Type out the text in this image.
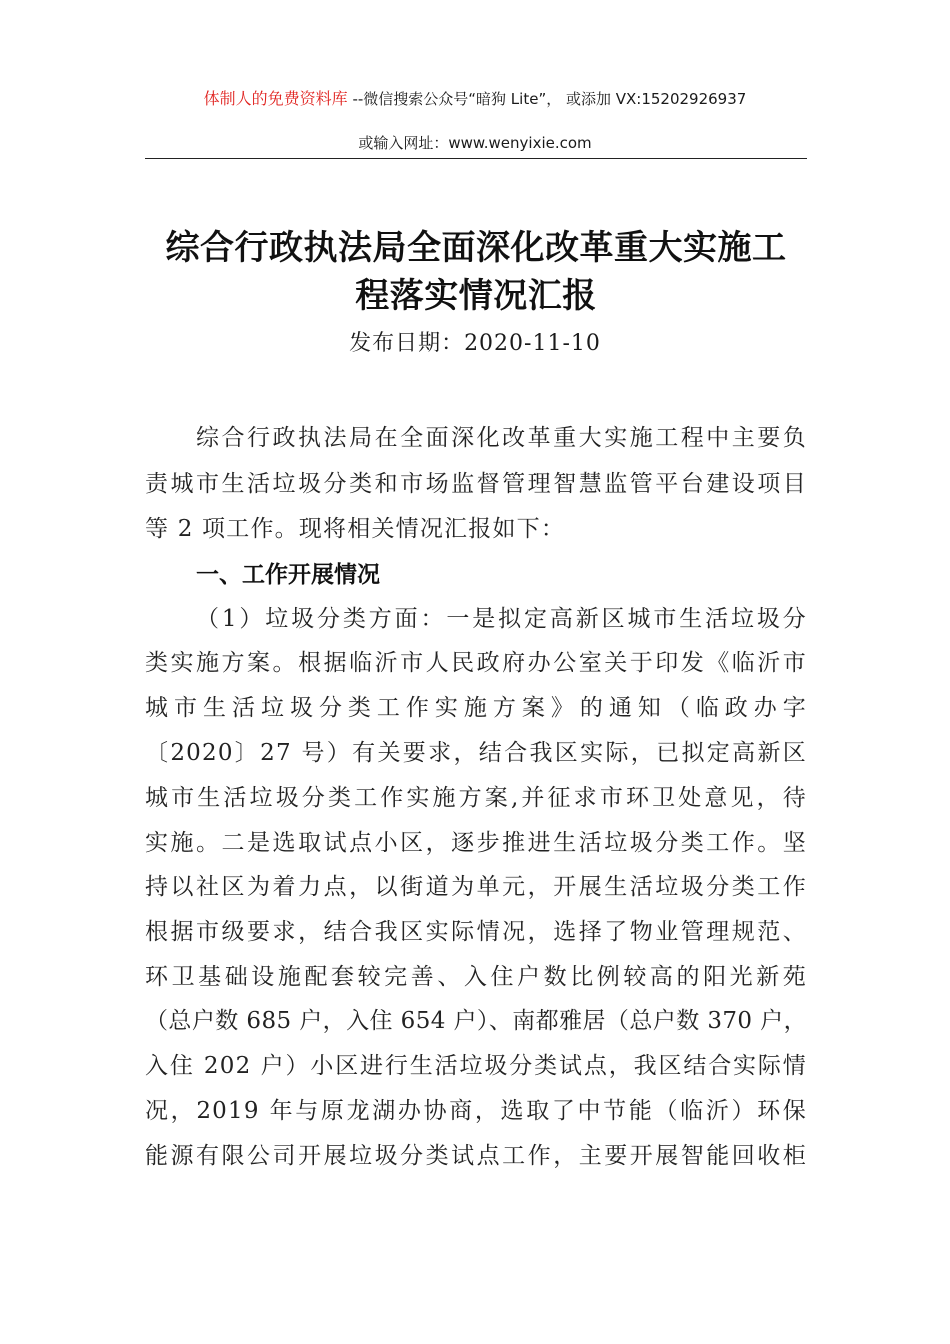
体制人的免费资料库 --微信搜索公众号“暗狗 Lite”， 或添加 VX:15202926937
或输入网址：www.wenyixie.com
综合行政执法局全面深化改革重大实施工
程落实情况汇报
发布日期：2020-11-10
综合行政执法局在全面深化改革重大实施工程中主要负
责城市生活垃圾分类和市场监督管理智慧监管平台建设项目
等 2 项工作。现将相关情况汇报如下：
一、工作开展情况
（1）垃圾分类方面：一是拟定高新区城市生活垃圾分
类实施方案。根据临沂市人民政府办公室关于印发《临沂市
城市生活垃圾分类工作实施方案》的通知（临政办字
〔2020〕27 号）有关要求，结合我区实际，已拟定高新区
城市生活垃圾分类工作实施方案,并征求市环卫处意见，待
实施。二是选取试点小区，逐步推进生活垃圾分类工作。坚
持以社区为着力点，以街道为单元，开展生活垃圾分类工作
根据市级要求，结合我区实际情况，选择了物业管理规范、
环卫基础设施配套较完善、入住户数比例较高的阳光新苑
（总户数 685 户，入住 654 户）、南都雅居（总户数 370 户，
入住 202 户）小区进行生活垃圾分类试点，我区结合实际情
况，2019 年与原龙湖办协商，选取了中节能（临沂）环保
能源有限公司开展垃圾分类试点工作，主要开展智能回收柜
